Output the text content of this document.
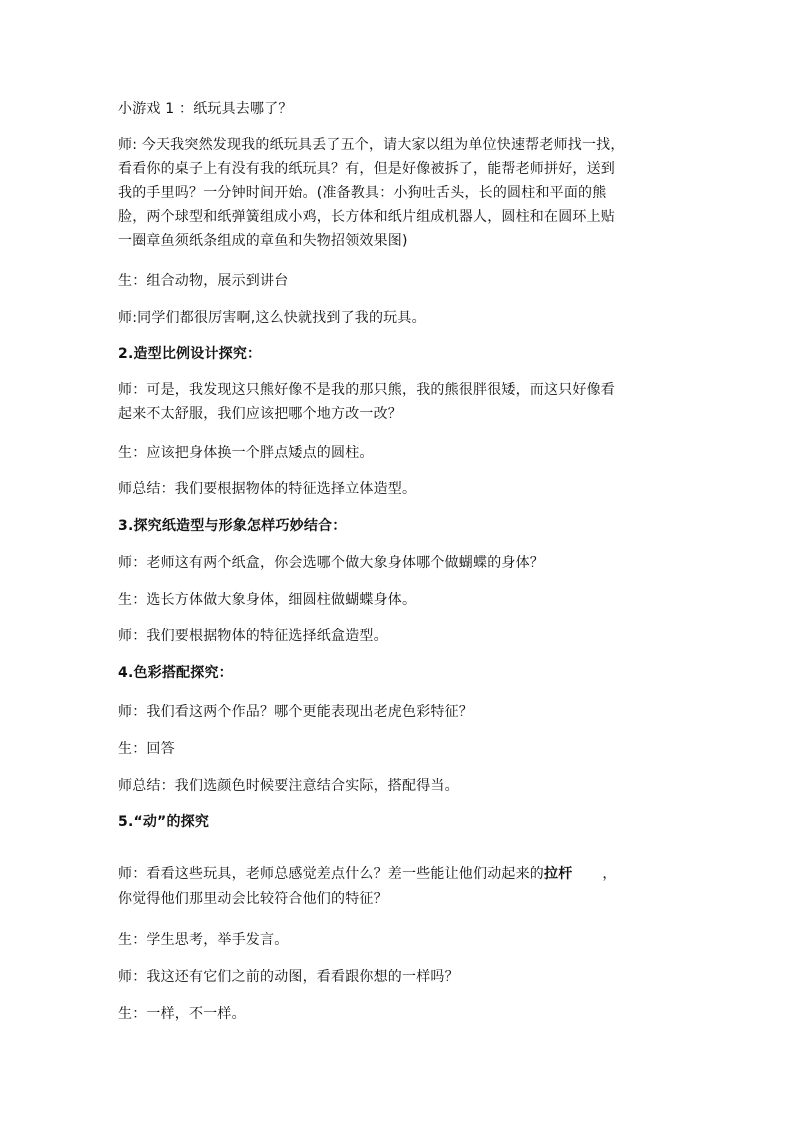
小游戏 1 ：纸玩具去哪了？
师: 今天我突然发现我的纸玩具丢了五个，请大家以组为单位快速帮老师找一找，
看看你的桌子上有没有我的纸玩具？有，但是好像被拆了，能帮老师拼好，送到
我的手里吗？一分钟时间开始。(准备教具：小狗吐舌头，长的圆柱和平面的熊
脸，两个球型和纸弹簧组成小鸡，长方体和纸片组成机器人，圆柱和在圆环上贴
一圈章鱼须纸条组成的章鱼和失物招领效果图)
生：组合动物，展示到讲台
师:同学们都很厉害啊,这么快就找到了我的玩具。
2.造型比例设计探究：
师：可是，我发现这只熊好像不是我的那只熊，我的熊很胖很矮，而这只好像看
起来不太舒服，我们应该把哪个地方改一改？
生：应该把身体换一个胖点矮点的圆柱。
师总结：我们要根据物体的特征选择立体造型。
3.探究纸造型与形象怎样巧妙结合：
师：老师这有两个纸盒，你会选哪个做大象身体哪个做蝴蝶的身体？
生：选长方体做大象身体，细圆柱做蝴蝶身体。
师：我们要根据物体的特征选择纸盒造型。
4.色彩搭配探究：
师：我们看这两个作品？哪个更能表现出老虎色彩特征？
生：回答
师总结：我们选颜色时候要注意结合实际，搭配得当。
5.“动”的探究
师：看看这些玩具，老师总感觉差点什么？差一些能让他们动起来的拉杆 ，
你觉得他们那里动会比较符合他们的特征？
生：学生思考，举手发言。
师：我这还有它们之前的动图，看看跟你想的一样吗？
生：一样，不一样。
